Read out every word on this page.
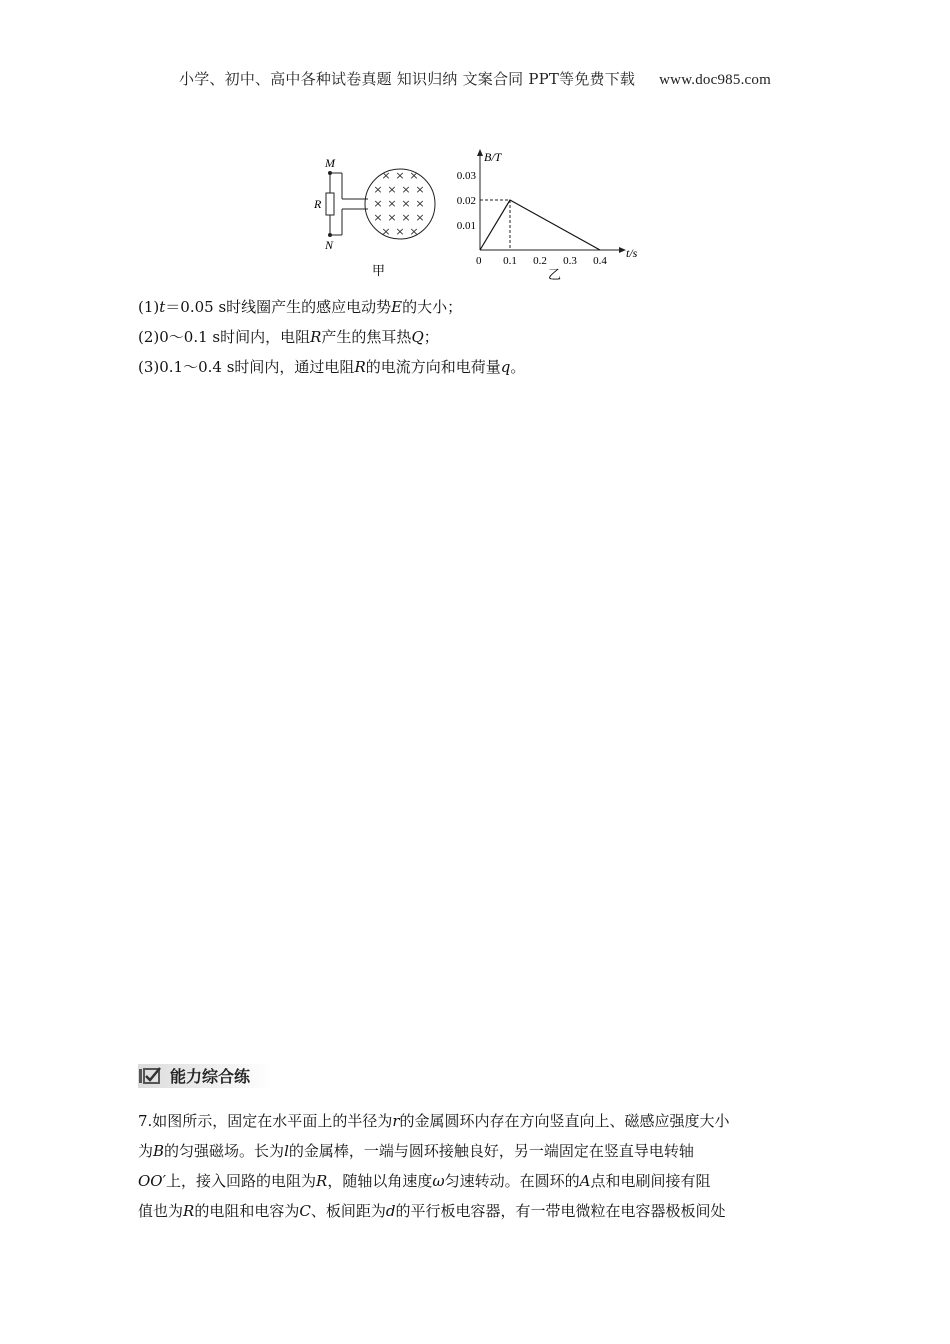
小学、初中、高中各种试卷真题 知识归纳 文案合同 PPT等免费下载 www.doc985.com
M
N
R
× × ×
× × × ×
× × × ×
× × × ×
× × ×
甲
B/T
t/s
0
0.01
0.02
0.03
0.1 0.2 0.3 0.4
乙
(1)t＝0.05 s时线圈产生的感应电动势E的大小；
(2)0～0.1 s时间内，电阻R产生的焦耳热Q；
(3)0.1～0.4 s时间内，通过电阻R的电流方向和电荷量q。
能力综合练

7.如图所示，固定在水平面上的半径为r的金属圆环内存在方向竖直向上、磁感应强度大小

为B的匀强磁场。长为l的金属棒，一端与圆环接触良好，另一端固定在竖直导电转轴

OO′上，接入回路的电阻为R，随轴以角速度ω匀速转动。在圆环的A点和电刷间接有阻

值也为R的电阻和电容为C、板间距为d的平行板电容器，有一带电微粒在电容器极板间处
